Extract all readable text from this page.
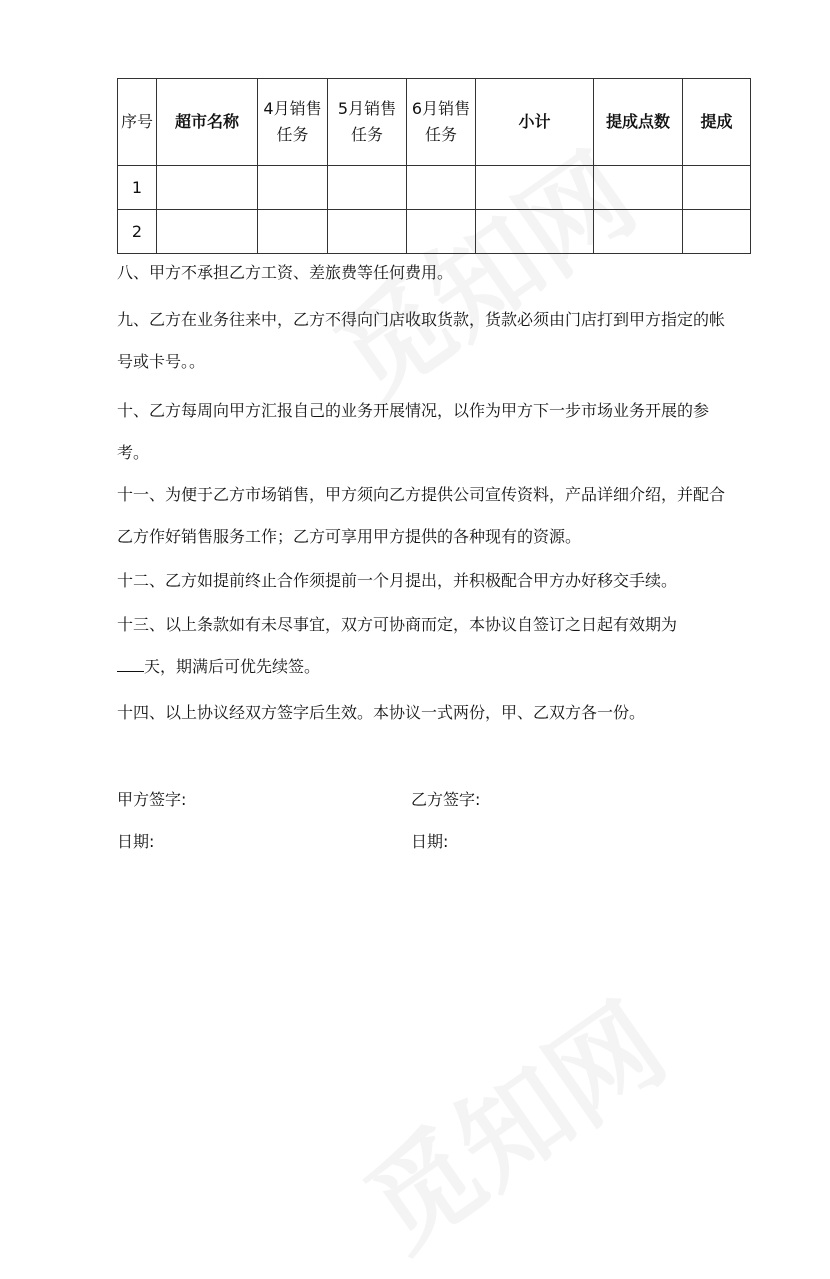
序号	超市名称	4月销售任务	5月销售任务	6月销售任务	小计	提成点数	提成
1							
2							

八、甲方不承担乙方工资、差旅费等任何费用。

九、乙方在业务往来中，乙方不得向门店收取货款，货款必须由门店打到甲方指定的帐号或卡号。。

十、乙方每周向甲方汇报自己的业务开展情况，以作为甲方下一步市场业务开展的参考。

十一、为便于乙方市场销售，甲方须向乙方提供公司宣传资料，产品详细介绍，并配合乙方作好销售服务工作；乙方可享用甲方提供的各种现有的资源。

十二、乙方如提前终止合作须提前一个月提出，并积极配合甲方办好移交手续。

十三、以上条款如有未尽事宜，双方可协商而定，本协议自签订之日起有效期为
天，期满后可优先续签。

十四、以上协议经双方签字后生效。本协议一式两份，甲、乙双方各一份。

甲方签字:	乙方签字:
日期:	日期:
